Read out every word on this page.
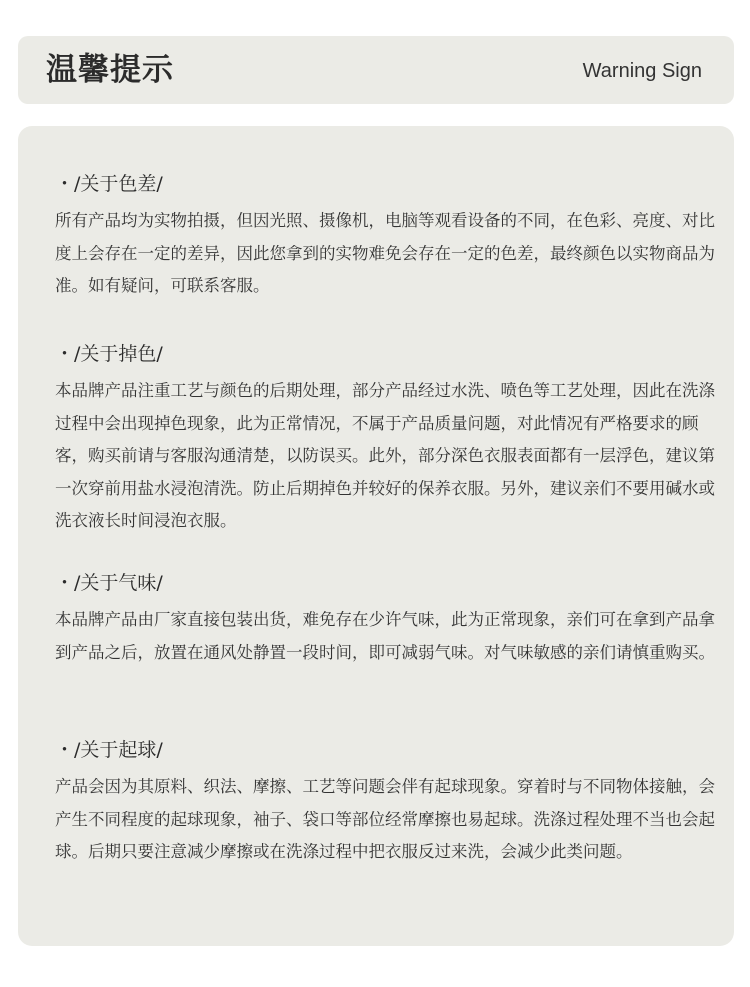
温馨提示	Warning Sign
・/关于色差/

所有产品均为实物拍摄，但因光照、摄像机，电脑等观看设备的不同，在色彩、亮度、对比度上会存在一定的差异，因此您拿到的实物难免会存在一定的色差，最终颜色以实物商品为准。如有疑问，可联系客服。

・/关于掉色/

本品牌产品注重工艺与颜色的后期处理，部分产品经过水洗、喷色等工艺处理，因此在洗涤过程中会出现掉色现象，此为正常情况，不属于产品质量问题，对此情况有严格要求的顾客，购买前请与客服沟通清楚，以防误买。此外，部分深色衣服表面都有一层浮色，建议第一次穿前用盐水浸泡清洗。防止后期掉色并较好的保养衣服。另外，建议亲们不要用碱水或洗衣液长时间浸泡衣服。

・/关于气味/

本品牌产品由厂家直接包装出货，难免存在少许气味，此为正常现象，亲们可在拿到产品拿到产品之后，放置在通风处静置一段时间，即可减弱气味。对气味敏感的亲们请慎重购买。

・/关于起球/

产品会因为其原料、织法、摩擦、工艺等问题会伴有起球现象。穿着时与不同物体接触，会产生不同程度的起球现象，袖子、袋口等部位经常摩擦也易起球。洗涤过程处理不当也会起球。后期只要注意减少摩擦或在洗涤过程中把衣服反过来洗，会减少此类问题。
